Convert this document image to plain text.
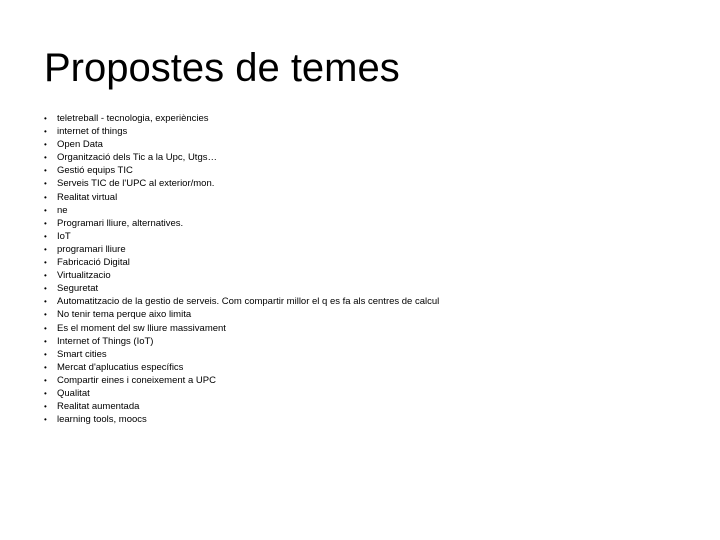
Propostes de temes
•	teletreball - tecnologia, experiències
•	internet of things
•	Open Data
•	Organització dels Tic a la Upc, Utgs…
•	Gestió equips TIC
•	Serveis TIC de l'UPC al exterior/mon.
•	Realitat virtual
•	ne
•	Programari lliure, alternatives.
•	IoT
•	programari lliure
•	Fabricació Digital
•	Virtualitzacio
•	Seguretat
•	Automatitzacio de la gestio de serveis. Com compartir millor el q es fa als centres de calcul
•	No tenir tema perque aixo limita
•	Es el moment del sw lliure massivament
•	Internet of Things (IoT)
•	Smart cities
•	Mercat d'aplucatius específics
•	Compartir eines i coneixement a UPC
•	Qualitat
•	Realitat aumentada
•	learning tools, moocs
